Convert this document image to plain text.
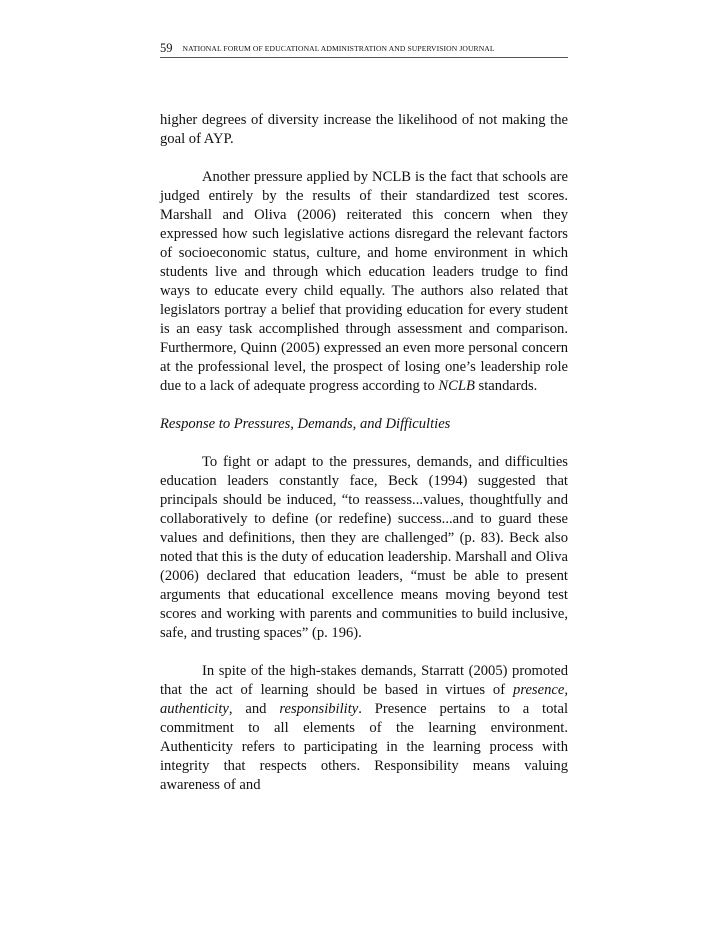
59 NATIONAL FORUM OF EDUCATIONAL ADMINISTRATION AND SUPERVISION JOURNAL

higher degrees of diversity increase the likelihood of not making the goal of AYP.

Another pressure applied by NCLB is the fact that schools are judged entirely by the results of their standardized test scores. Marshall and Oliva (2006) reiterated this concern when they expressed how such legislative actions disregard the relevant factors of socioeconomic status, culture, and home environment in which students live and through which education leaders trudge to find ways to educate every child equally. The authors also related that legislators portray a belief that providing education for every student is an easy task accomplished through assessment and comparison. Furthermore, Quinn (2005) expressed an even more personal concern at the professional level, the prospect of losing one’s leadership role due to a lack of adequate progress according to NCLB standards.

Response to Pressures, Demands, and Difficulties

To fight or adapt to the pressures, demands, and difficulties education leaders constantly face, Beck (1994) suggested that principals should be induced, “to reassess...values, thoughtfully and collaboratively to define (or redefine) success...and to guard these values and definitions, then they are challenged” (p. 83). Beck also noted that this is the duty of education leadership. Marshall and Oliva (2006) declared that education leaders, “must be able to present arguments that educational excellence means moving beyond test scores and working with parents and communities to build inclusive, safe, and trusting spaces” (p. 196).

In spite of the high-stakes demands, Starratt (2005) promoted that the act of learning should be based in virtues of presence, authenticity, and responsibility. Presence pertains to a total commitment to all elements of the learning environment. Authenticity refers to participating in the learning process with integrity that respects others. Responsibility means valuing awareness of and
